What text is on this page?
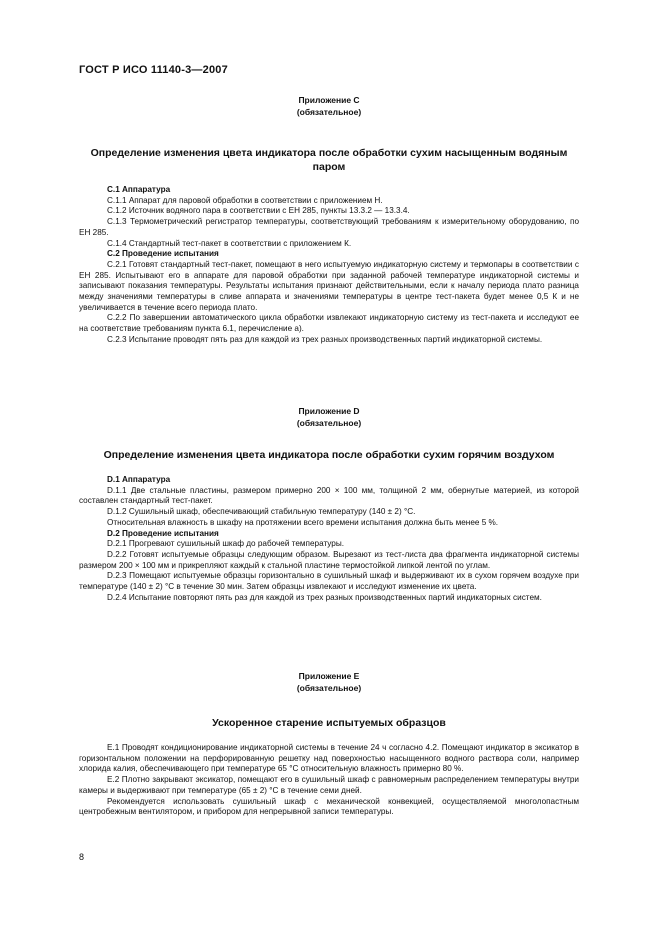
ГОСТ Р ИСО 11140-3—2007
Приложение С
(обязательное)
Определение изменения цвета индикатора после обработки сухим насыщенным водяным паром

С.1 Аппаратура

С.1.1 Аппарат для паровой обработки в соответствии с приложением Н.

С.1.2 Источник водяного пара в соответствии с ЕН 285, пункты 13.3.2 — 13.3.4.

С.1.3 Термометрический регистратор температуры, соответствующий требованиям к измерительному оборудованию, по ЕН 285.

С.1.4 Стандартный тест-пакет в соответствии с приложением К.

С.2 Проведение испытания

С.2.1 Готовят стандартный тест-пакет, помещают в него испытуемую индикаторную систему и термопары в соответствии с ЕН 285. Испытывают его в аппарате для паровой обработки при заданной рабочей температуре индикаторной системы и записывают показания температуры. Результаты испытания признают действительными, если к началу периода плато разница между значениями температуры в сливе аппарата и значениями температуры в центре тест-пакета будет менее 0,5 К и не увеличивается в течение всего периода плато.

С.2.2 По завершении автоматического цикла обработки извлекают индикаторную систему из тест-пакета и исследуют ее на соответствие требованиям пункта 6.1, перечисление а).

С.2.3 Испытание проводят пять раз для каждой из трех разных производственных партий индикаторной системы.

Приложение D
(обязательное)
Определение изменения цвета индикатора после обработки сухим горячим воздухом

D.1 Аппаратура

D.1.1 Две стальные пластины, размером примерно 200 × 100 мм, толщиной 2 мм, обернутые материей, из которой составлен стандартный тест-пакет.

D.1.2 Сушильный шкаф, обеспечивающий стабильную температуру (140 ± 2) °С.

Относительная влажность в шкафу на протяжении всего времени испытания должна быть менее 5 %.

D.2 Проведение испытания

D.2.1 Прогревают сушильный шкаф до рабочей температуры.

D.2.2 Готовят испытуемые образцы следующим образом. Вырезают из тест-листа два фрагмента индикаторной системы размером 200 × 100 мм и прикрепляют каждый к стальной пластине термостойкой липкой лентой по углам.

D.2.3 Помещают испытуемые образцы горизонтально в сушильный шкаф и выдерживают их в сухом горячем воздухе при температуре (140 ± 2) °С в течение 30 мин. Затем образцы извлекают и исследуют изменение их цвета.

D.2.4 Испытание повторяют пять раз для каждой из трех разных производственных партий индикаторных систем.

Приложение Е
(обязательное)
Ускоренное старение испытуемых образцов

Е.1 Проводят кондиционирование индикаторной системы в течение 24 ч согласно 4.2. Помещают индикатор в эксикатор в горизонтальном положении на перфорированную решетку над поверхностью насыщенного водного раствора соли, например хлорида калия, обеспечивающего при температуре 65 °С относительную влажность примерно 80 %.

Е.2 Плотно закрывают эксикатор, помещают его в сушильный шкаф с равномерным распределением температуры внутри камеры и выдерживают при температуре (65 ± 2) °С в течение семи дней.

Рекомендуется использовать сушильный шкаф с механической конвекцией, осуществляемой многолопастным центробежным вентилятором, и прибором для непрерывной записи температуры.

8
